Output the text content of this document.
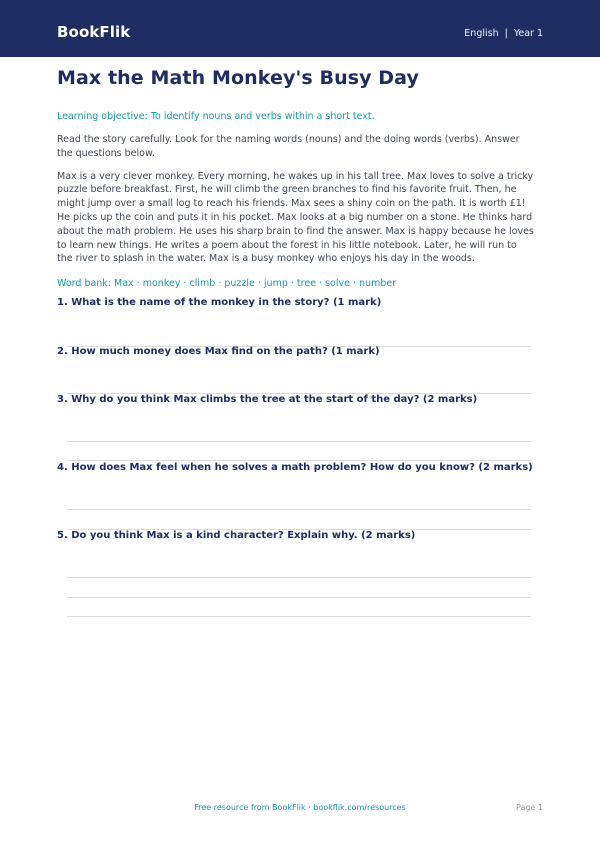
BookFlik	English | Year 1
Max the Math Monkey's Busy Day
Learning objective: To identify nouns and verbs within a short text.
Read the story carefully. Look for the naming words (nouns) and the doing words (verbs). Answer the questions below.
Max is a very clever monkey. Every morning, he wakes up in his tall tree. Max loves to solve a tricky puzzle before breakfast. First, he will climb the green branches to find his favorite fruit. Then, he might jump over a small log to reach his friends. Max sees a shiny coin on the path. It is worth £1! He picks up the coin and puts it in his pocket. Max looks at a big number on a stone. He thinks hard about the math problem. He uses his sharp brain to find the answer. Max is happy because he loves to learn new things. He writes a poem about the forest in his little notebook. Later, he will run to the river to splash in the water. Max is a busy monkey who enjoys his day in the woods.
Word bank: Max · monkey · climb · puzzle · jump · tree · solve · number
1. What is the name of the monkey in the story? (1 mark)
2. How much money does Max find on the path? (1 mark)
3. Why do you think Max climbs the tree at the start of the day? (2 marks)
4. How does Max feel when he solves a math problem? How do you know? (2 marks)
5. Do you think Max is a kind character? Explain why. (2 marks)
Free resource from BookFlik · bookflik.com/resources	Page 1
